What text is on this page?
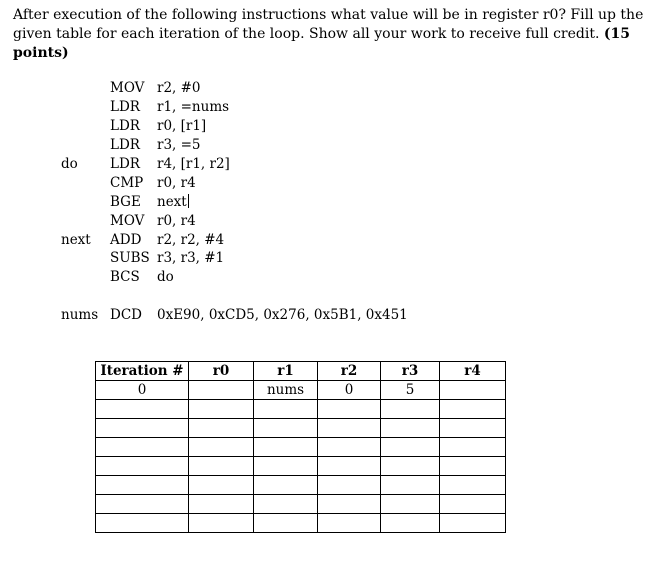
After execution of the following instructions what value will be in register r0? Fill up the given table for each iteration of the loop. Show all your work to receive full credit. (15 points)
MOV r2, #0
LDR r1, =nums
LDR r0, [r1]
LDR r3, =5
do LDR r4, [r1, r2]
CMP r0, r4
BGE next
MOV r0, r4
next ADD r2, r2, #4
SUBS r3, r3, #1
BCS do
nums DCD 0xE90, 0xCD5, 0x276, 0x5B1, 0x451
Iteration #	r0	r1	r2	r3	r4
0		nums	0	5	
